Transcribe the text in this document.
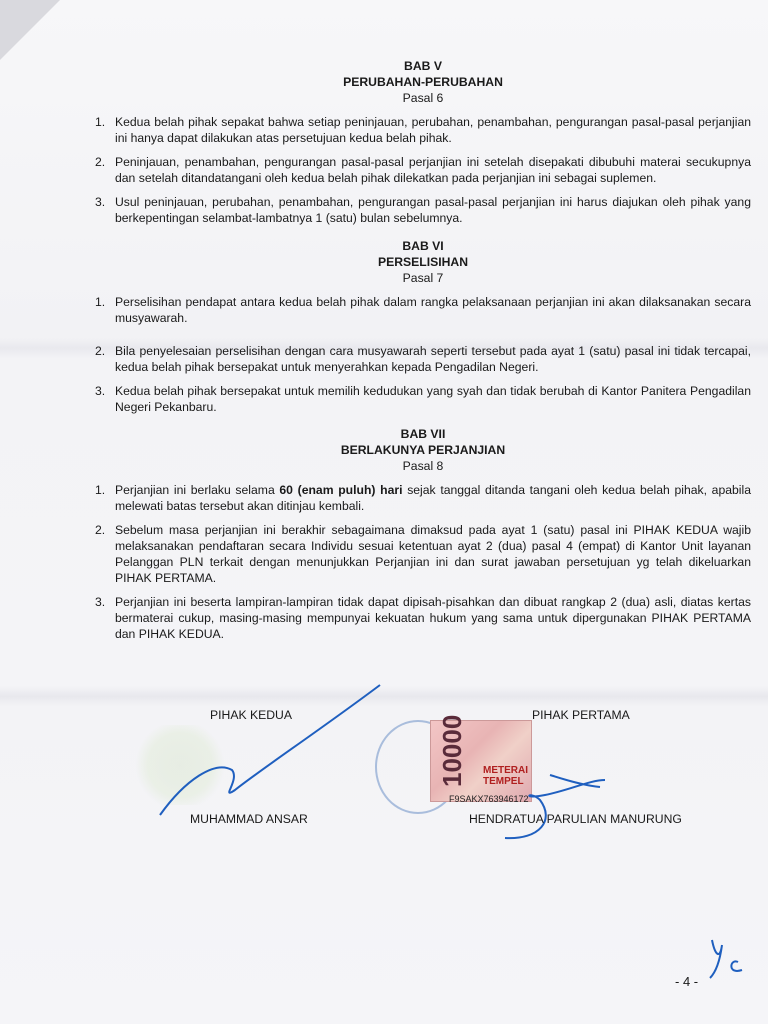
BAB V
PERUBAHAN-PERUBAHAN
Pasal 6
1. Kedua belah pihak sepakat bahwa setiap peninjauan, perubahan, penambahan, pengurangan pasal-pasal perjanjian ini hanya dapat dilakukan atas persetujuan kedua belah pihak.
2. Peninjauan, penambahan, pengurangan pasal-pasal perjanjian ini setelah disepakati dibubuhi materai secukupnya dan setelah ditandatangani oleh kedua belah pihak dilekatkan pada perjanjian ini sebagai suplemen.
3. Usul peninjauan, perubahan, penambahan, pengurangan pasal-pasal perjanjian ini harus diajukan oleh pihak yang berkepentingan selambat-lambatnya 1 (satu) bulan sebelumnya.
BAB VI
PERSELISIHAN
Pasal 7
1. Perselisihan pendapat antara kedua belah pihak dalam rangka pelaksanaan perjanjian ini akan dilaksanakan secara musyawarah.
2. Bila penyelesaian perselisihan dengan cara musyawarah seperti tersebut pada ayat 1 (satu) pasal ini tidak tercapai, kedua belah pihak bersepakat untuk menyerahkan kepada Pengadilan Negeri.
3. Kedua belah pihak bersepakat untuk memilih kedudukan yang syah dan tidak berubah di Kantor Panitera Pengadilan Negeri Pekanbaru.
BAB VII
BERLAKUNYA PERJANJIAN
Pasal 8
1. Perjanjian ini berlaku selama 60 (enam puluh) hari sejak tanggal ditanda tangani oleh kedua belah pihak, apabila melewati batas tersebut akan ditinjau kembali.
2. Sebelum masa perjanjian ini berakhir sebagaimana dimaksud pada ayat 1 (satu) pasal ini PIHAK KEDUA wajib melaksanakan pendaftaran secara Individu sesuai ketentuan ayat 2 (dua) pasal 4 (empat) di Kantor Unit layanan Pelanggan PLN terkait dengan menunjukkan Perjanjian ini dan surat jawaban persetujuan yg telah dikeluarkan PIHAK PERTAMA.
3. Perjanjian ini beserta lampiran-lampiran tidak dapat dipisah-pisahkan dan dibuat rangkap 2 (dua) asli, diatas kertas bermaterai cukup, masing-masing mempunyai kekuatan hukum yang sama untuk dipergunakan PIHAK PERTAMA dan PIHAK KEDUA.
PIHAK KEDUA	PIHAK PERTAMA
10000 METERAI TEMPEL
F9SAKX763946172
MUHAMMAD ANSAR	HENDRATUA PARULIAN MANURUNG
- 4 -
